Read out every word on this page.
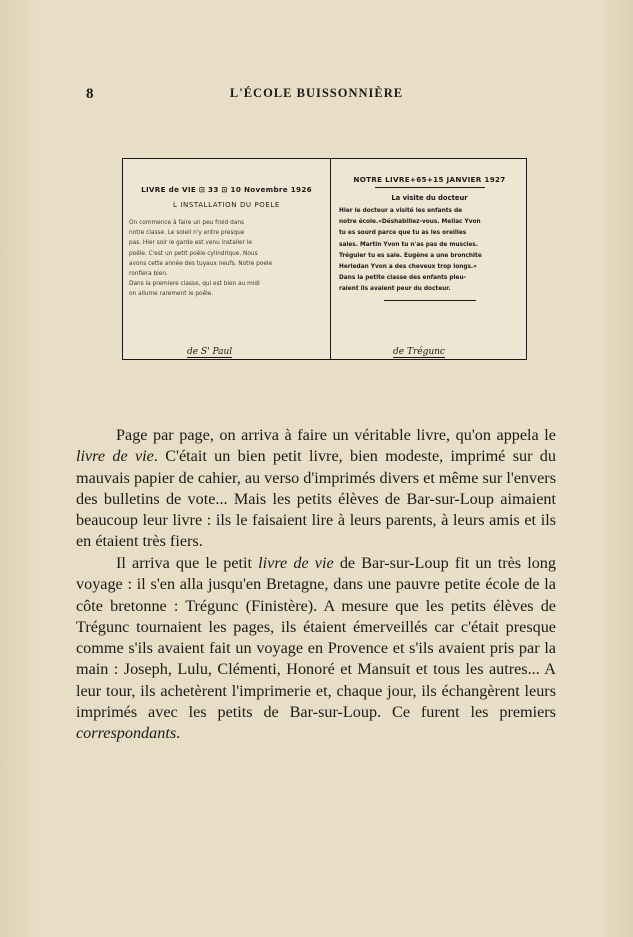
8	L'ÉCOLE BUISSONNIÈRE
LIVRE de VIE ⊡ 33 ⊡ 10 Novembre 1926
L INSTALLATION DU POELE
On commence à faire un peu froid dans
notre classe. Le soleil n'y entre presque
pas. Hier soir le garde est venu installer le
poêle. C'est un petit poêle cylindrique. Nous
avons cette année des tuyaux neufs. Notre poele
ronflera bien.
Dans la premiere classe, qui est bien au midi
on allume rarement le poêle.
de S' Paul
NOTRE LIVRE+65+15 JANVIER 1927
La visite du docteur
Hier le docteur a visité les enfants de
notre école.«Déshabillez-vous. Mellac Yvon
tu es sourd parce que tu as les oreilles
sales. Martin Yvon tu n'as pas de muscles.
Tréguier tu es sale. Eugène a une bronchite
Herledan Yvon a des cheveux trop longs.»
Dans la petite classe des enfants pleu-
raient ils avaient peur du docteur.
de Trégunc

Page par page, on arriva à faire un véritable livre, qu'on appela le livre de vie. C'était un bien petit livre, bien modeste, imprimé sur du mauvais papier de cahier, au verso d'imprimés divers et même sur l'envers des bulletins de vote... Mais les petits élèves de Bar-sur-Loup aimaient beaucoup leur livre : ils le faisaient lire à leurs parents, à leurs amis et ils en étaient très fiers.

Il arriva que le petit livre de vie de Bar-sur-Loup fit un très long voyage : il s'en alla jusqu'en Bretagne, dans une pauvre petite école de la côte bretonne : Trégunc (Finistère). A mesure que les petits élèves de Trégunc tournaient les pages, ils étaient émerveillés car c'était presque comme s'ils avaient fait un voyage en Provence et s'ils avaient pris par la main : Joseph, Lulu, Clémenti, Honoré et Mansuit et tous les autres... A leur tour, ils achetèrent l'imprimerie et, chaque jour, ils échangèrent leurs imprimés avec les petits de Bar-sur-Loup. Ce furent les premiers correspondants.
